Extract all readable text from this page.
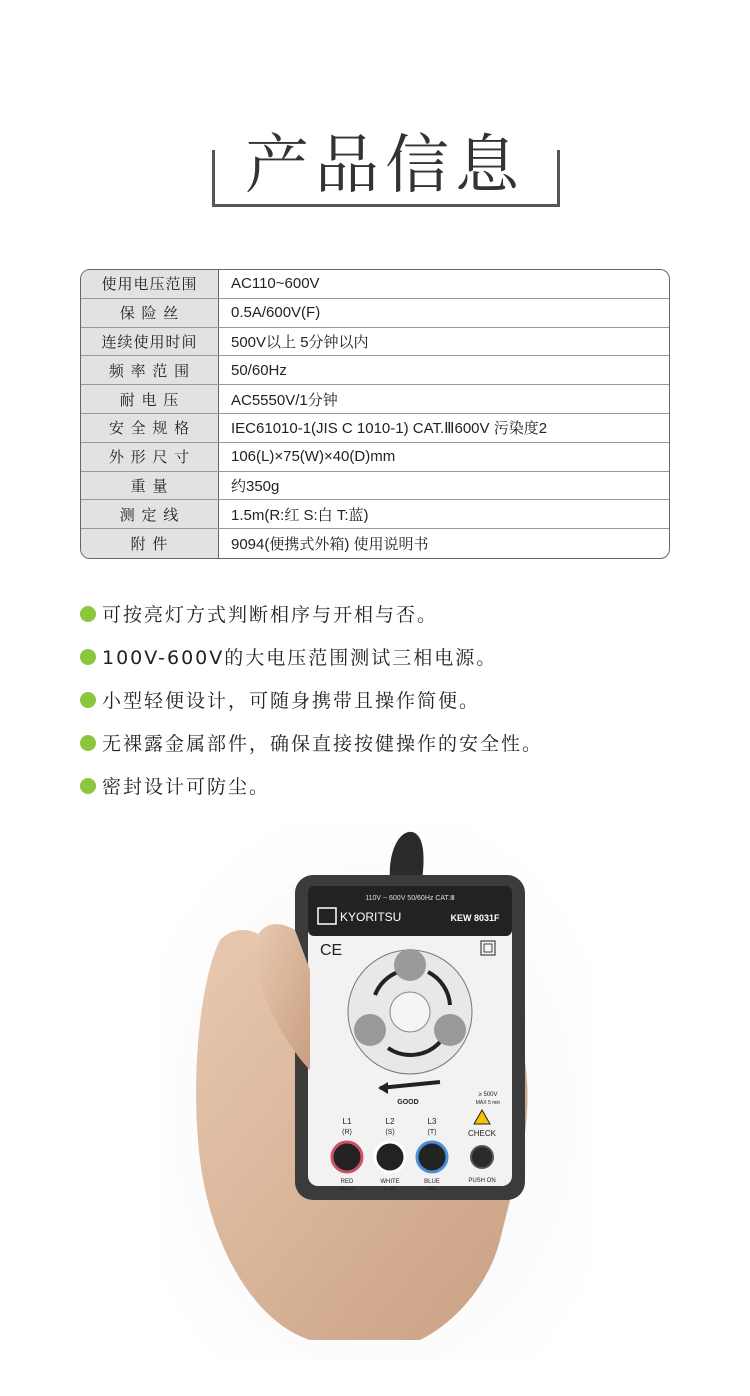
产品信息
使用电压范围	AC110~600V
保 险 丝	0.5A/600V(F)
连续使用时间	500V以上 5分钟以内
频 率 范 围	50/60Hz
耐 电 压	AC5550V/1分钟
安 全 规 格	IEC61010-1(JIS C 1010-1) CAT.Ⅲ600V 污染度2
外 形 尺 寸	106(L)×75(W)×40(D)mm
重 量	约350g
测 定 线	1.5m(R:红 S:白 T:蓝)
附 件	9094(便携式外箱) 使用说明书
可按亮灯方式判断相序与开相与否。
100V-600V的大电压范围测试三相电源。
小型轻便设计，可随身携带且操作简便。
无裸露金属部件，确保直接按健操作的安全性。
密封设计可防尘。
110V ~ 600V 50/60Hz CAT.Ⅲ
KYORITSU	KEW 8031F
CE
GOOD
≥ 500V
MAX 5 min
L1
(R)
RED
BROWN
L2
(S)
WHITE
BLACK
L3
(T)
BLUE
GRAY
CHECK
PUSH ON
